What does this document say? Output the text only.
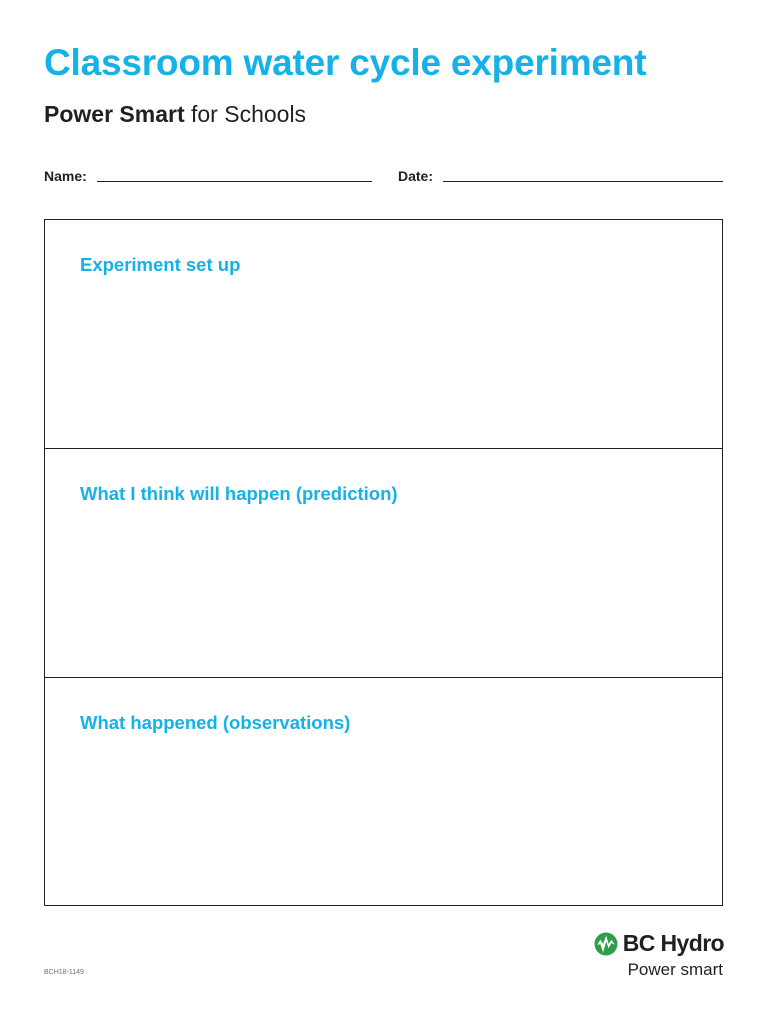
Classroom water cycle experiment
Power Smart for Schools
Name:	Date:
Experiment set up
What I think will happen (prediction)
What happened (observations)
BCH18-1149
BC Hydro
Power smart
